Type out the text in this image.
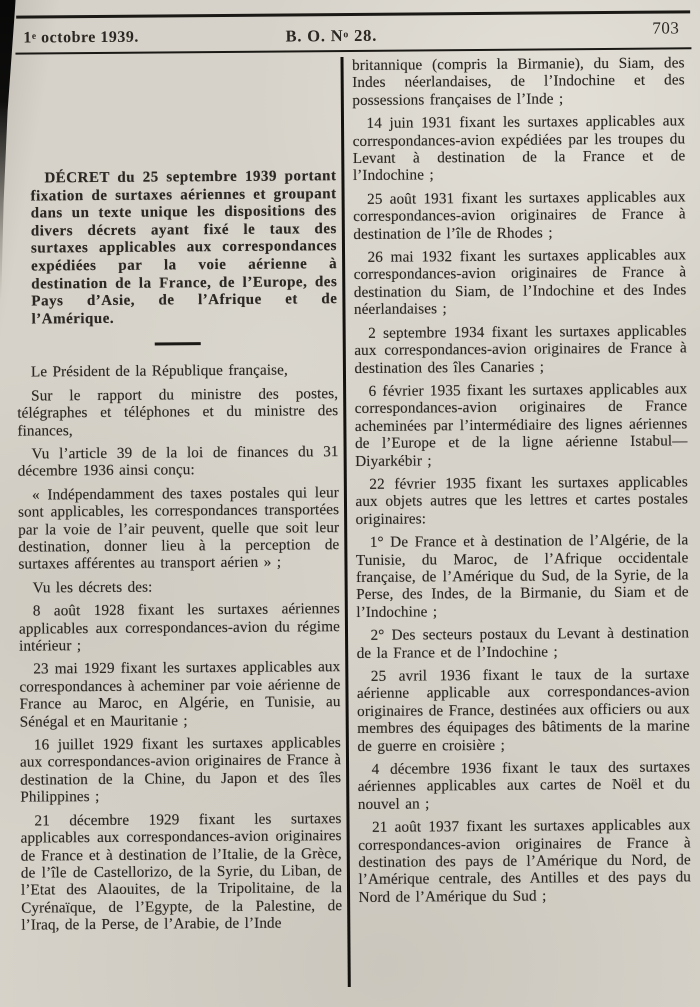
1e octobre 1939.	B. O. $N^o$ 28.	703

DÉCRET du 25 septembre 1939 portant fixation de surtaxes aériennes et groupant dans un texte unique les dispositions des divers décrets ayant fixé le taux des surtaxes applicables aux correspondances expédiées par la voie aérienne à destination de la France, de l’Europe, des Pays d’Asie, de l’Afrique et de l’Amérique.

Le Président de la République française,

Sur le rapport du ministre des postes, télégraphes et téléphones et du ministre des finances,

Vu l’article 39 de la loi de finances du 31 décembre 1936 ainsi conçu:

« Indépendamment des taxes postales qui leur sont applicables, les correspondances transportées par la voie de l’air peuvent, quelle que soit leur destination, donner lieu à la perception de surtaxes afférentes au transport aérien » ;

Vu les décrets des:

8 août 1928 fixant les surtaxes aériennes applicables aux correspondances-avion du régime intérieur ;

23 mai 1929 fixant les surtaxes applicables aux correspondances à acheminer par voie aérienne de France au Maroc, en Algérie, en Tunisie, au Sénégal et en Mauritanie ;

16 juillet 1929 fixant les surtaxes applicables aux correspondances-avion originaires de France à destination de la Chine, du Japon et des îles Philippines ;

21 décembre 1929 fixant les surtaxes applicables aux correspondances-avion originaires de France et à destination de l’Italie, de la Grèce, de l’île de Castellorizo, de la Syrie, du Liban, de l’Etat des Alaouites, de la Tripolitaine, de la Cyrénaïque, de l’Egypte, de la Palestine, de l’Iraq, de la Perse, de l’Arabie, de l’Inde

britannique (compris la Birmanie), du Siam, des Indes néerlandaises, de l’Indochine et des possessions françaises de l’Inde ;

14 juin 1931 fixant les surtaxes applicables aux correspondances-avion expédiées par les troupes du Levant à destination de la France et de l’Indochine ;

25 août 1931 fixant les surtaxes applicables aux correspondances-avion originaires de France à destination de l’île de Rhodes ;

26 mai 1932 fixant les surtaxes applicables aux correspondances-avion originaires de France à destination du Siam, de l’Indochine et des Indes néerlandaises ;

2 septembre 1934 fixant les surtaxes applicables aux correspondances-avion originaires de France à destination des îles Canaries ;

6 février 1935 fixant les surtaxes applicables aux correspondances-avion originaires de France acheminées par l’intermédiaire des lignes aériennes de l’Europe et de la ligne aérienne Istabul—Diyarkébir ;

22 février 1935 fixant les surtaxes applicables aux objets autres que les lettres et cartes postales originaires:

1° De France et à destination de l’Algérie, de la Tunisie, du Maroc, de l’Afrique occidentale française, de l’Amérique du Sud, de la Syrie, de la Perse, des Indes, de la Birmanie, du Siam et de l’Indochine ;

2° Des secteurs postaux du Levant à destination de la France et de l’Indochine ;

25 avril 1936 fixant le taux de la surtaxe aérienne applicable aux correspondances-avion originaires de France, destinées aux officiers ou aux membres des équipages des bâtiments de la marine de guerre en croisière ;

4 décembre 1936 fixant le taux des surtaxes aériennes applicables aux cartes de Noël et du nouvel an ;

21 août 1937 fixant les surtaxes applicables aux correspondances-avion originaires de France à destination des pays de l’Amérique du Nord, de l’Amérique centrale, des Antilles et des pays du Nord de l’Amérique du Sud ;
